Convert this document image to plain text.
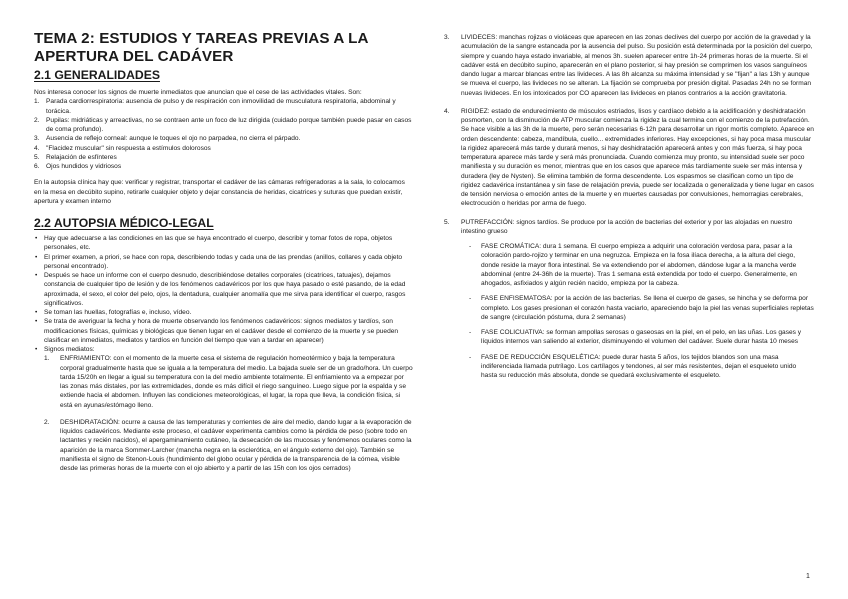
TEMA 2: ESTUDIOS Y TAREAS PREVIAS A LA APERTURA DEL CADÁVER
2.1 GENERALIDADES

Nos interesa conocer los signos de muerte inmediatos que anuncian que el cese de las actividades vitales. Son:

1. Parada cardiorrespiratoria: ausencia de pulso y de respiración con inmovilidad de musculatura respiratoria, abdominal y torácica.
2. Pupilas: midriáticas y arreactivas, no se contraen ante un foco de luz dirigida (cuidado porque también puede pasar en casos de coma profundo).
3. Ausencia de reflejo corneal: aunque le toques el ojo no parpadea, no cierra el párpado.
4. "Flacidez muscular" sin respuesta a estímulos dolorosos
5. Relajación de esfínteres
6. Ojos hundidos y vidriosos

En la autopsia clínica hay que: verificar y registrar, transportar el cadáver de las cámaras refrigeradoras a la sala, lo colocamos en la mesa en decúbito supino, retirarle cualquier objeto y dejar constancia de heridas, cicatrices y suturas que puedan existir, apertura y examen interno

2.2 AUTOPSIA MÉDICO-LEGAL
• Hay que adecuarse a las condiciones en las que se haya encontrado el cuerpo, describir y tomar fotos de ropa, objetos personales, etc.
• El primer examen, a priori, se hace con ropa, describiendo todas y cada una de las prendas (anillos, collares y cada objeto personal encontrado).
• Después se hace un informe con el cuerpo desnudo, describiéndose detalles corporales (cicatrices, tatuajes), dejamos constancia de cualquier tipo de lesión y de los fenómenos cadavéricos por los que haya pasado o esté pasando, de la edad aproximada, el sexo, el color del pelo, ojos, la dentadura, cualquier anomalía que me sirva para identificar el cuerpo, rasgos significativos.
• Se toman las huellas, fotografías e, incluso, vídeo.
• Se trata de averiguar la fecha y hora de muerte observando los fenómenos cadavéricos: signos mediatos y tardíos, son modificaciones físicas, químicas y biológicas que tienen lugar en el cadáver desde el comienzo de la muerte y se pueden clasificar en inmediatos, mediatos y tardíos en función del tiempo que van a tardar en aparecer)
• Signos mediatos:
1. ENFRIAMIENTO: con el momento de la muerte cesa el sistema de regulación homeotérmico y baja la temperatura corporal gradualmente hasta que se iguala a la temperatura del medio. La bajada suele ser de un grado/hora. Un cuerpo tarda 15/20h en llegar a igual su temperatura con la del medio ambiente totalmente. El enfriamiento va a empezar por las zonas más distales, por las extremidades, donde es más difícil el riego sanguíneo. Luego sigue por la espalda y se extiende hacia el abdomen. Influyen las condiciones meteorológicas, el lugar, la ropa que lleva, la condición física, si está en ayunas/estómago lleno.
2. DESHIDRATACIÓN: ocurre a causa de las temperaturas y corrientes de aire del medio, dando lugar a la evaporación de líquidos cadavéricos. Mediante este proceso, el cadáver experimenta cambios como la pérdida de peso (sobre todo en lactantes y recién nacidos), el apergaminamiento cutáneo, la desecación de las mucosas y fenómenos oculares como la aparición de la marca Sommer-Larcher (mancha negra en la esclerótica, en el ángulo externo del ojo). También se manifiesta el signo de Stenon-Louis (hundimiento del globo ocular y pérdida de la transparencia de la córnea, visible desde las primeras horas de la muerte con el ojo abierto y a partir de las 15h con los ojos cerrados)
3. LIVIDECES: manchas rojizas o violáceas que aparecen en las zonas declives del cuerpo por acción de la gravedad y la acumulación de la sangre estancada por la ausencia del pulso. Su posición está determinada por la posición del cuerpo, siempre y cuando haya estado invariable, al menos 3h. suelen aparecer entre 1h-24 primeras horas de la muerte. Si el cadáver está en decúbito supino, aparecerán en el plano posterior, si hay presión se comprimen los vasos sanguíneos dando lugar a marcar blancas entre las livideces. A las 8h alcanza su máxima intensidad y se "fijan" a las 13h y aunque se mueva el cuerpo, las livideces no se alteran. La fijación se comprueba por presión digital. Pasadas 24h no se forman nuevas livideces. En los intoxicados por CO aparecen las livideces en planos contrarios a la acción gravitatoria.
4. RIGIDEZ: estado de endurecimiento de músculos estriados, lisos y cardíaco debido a la acidificación y deshidratación posmorten, con la disminución de ATP muscular comienza la rigidez la cual termina con el comienzo de la putrefacción. Se hace visible a las 3h de la muerte, pero serán necesarias 6-12h para desarrollar un rigor mortis completo. Aparece en orden descendente: cabeza, mandíbula, cuello... extremidades inferiores. Hay excepciones, si hay poca masa muscular la rigidez aparecerá más tarde y durará menos, si hay deshidratación aparecerá antes y con más fuerza, si hay poca temperatura aparece más tarde y será más pronunciada. Cuando comienza muy pronto, su intensidad suele ser poco manifiesta y su duración es menor, mientras que en los casos que aparece más tardíamente suele ser más intensa y duradera (ley de Nysten). Se elimina también de forma descendente. Los espasmos se clasifican como un tipo de rigidez cadavérica instantánea y sin fase de relajación previa, puede ser localizada o generalizada y tiene lugar en casos de tensión nerviosa o emoción antes de la muerte y en muertes causadas por convulsiones, hemorragias cerebrales, electrocución o heridas por arma de fuego.
5. PUTREFACCIÓN: signos tardíos. Se produce por la acción de bacterias del exterior y por las alojadas en nuestro intestino grueso
- FASE CROMÁTICA: dura 1 semana. El cuerpo empieza a adquirir una coloración verdosa para, pasar a la coloración pardo-rojizo y terminar en una negruzca. Empieza en la fosa ilíaca derecha, a la altura del ciego, donde reside la mayor flora intestinal. Se va extendiendo por el abdomen, dándose lugar a la mancha verde abdominal (entre 24-36h de la muerte). Tras 1 semana está extendida por todo el cuerpo. Generalmente, en ahogados, asfixiados y algún recién nacido, empieza por la cabeza.
- FASE ENFISEMATOSA: por la acción de las bacterias. Se llena el cuerpo de gases, se hincha y se deforma por completo. Los gases presionan el corazón hasta vaciarlo, apareciendo bajo la piel las venas superficiales repletas de sangre (circulación póstuma, dura 2 semanas)
- FASE COLICUATIVA: se forman ampollas serosas o gaseosas en la piel, en el pelo, en las uñas. Los gases y líquidos internos van saliendo al exterior, disminuyendo el volumen del cadáver. Suele durar hasta 10 meses
- FASE DE REDUCCIÓN ESQUELÉTICA: puede durar hasta 5 años, los tejidos blandos son una masa indiferenciada llamada putrílago. Los cartílagos y tendones, al ser más resistentes, dejan el esqueleto unido hasta su reducción más absoluta, donde se quedará exclusivamente el esqueleto.
1
